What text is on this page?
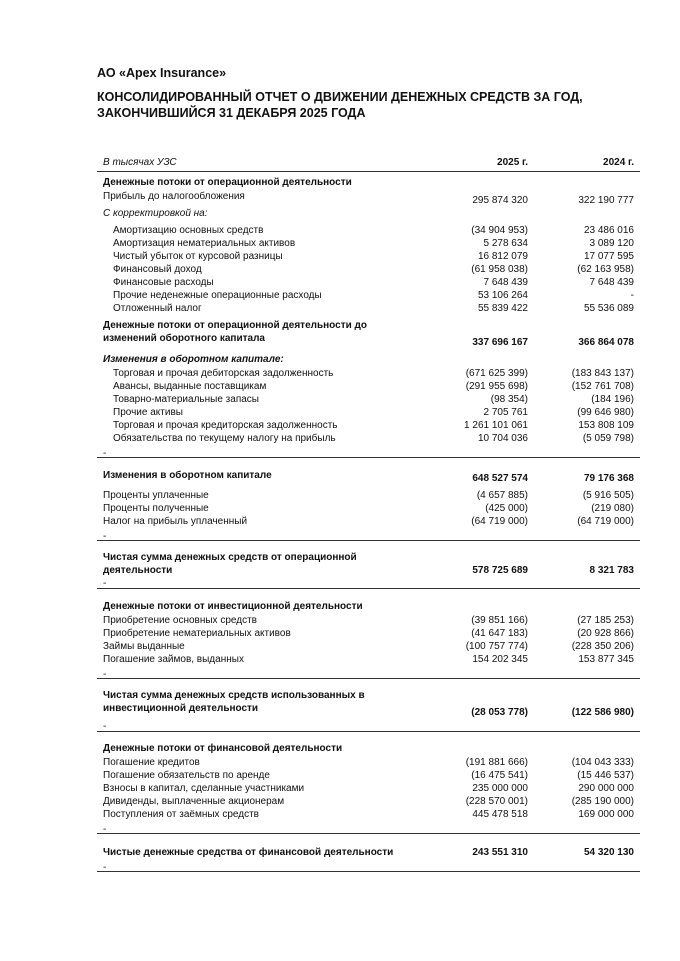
АО «Apex Insurance»
КОНСОЛИДИРОВАННЫЙ ОТЧЕТ О ДВИЖЕНИИ ДЕНЕЖНЫХ СРЕДСТВ ЗА ГОД,
ЗАКОНЧИВШИЙСЯ 31 ДЕКАБРЯ 2025 ГОДА
В тысячах УЗС	2025 г.	2024 г.
Денежные потоки от операционной деятельности
Прибыль до налогообложения	295 874 320	322 190 777
С корректировкой на:
Амортизацию основных средств	(34 904 953)	23 486 016
Амортизация нематериальных активов	5 278 634	3 089 120
Чистый убыток от курсовой разницы	16 812 079	17 077 595
Финансовый доход	(61 958 038)	(62 163 958)
Финансовые расходы	7 648 439	7 648 439
Прочие неденежные операционные расходы	53 106 264	-
Отложенный налог	55 839 422	55 536 089
Денежные потоки от операционной деятельности до
изменений оборотного капитала	337 696 167	366 864 078
Изменения в оборотном капитале:
Торговая и прочая дебиторская задолженность	(671 625 399)	(183 843 137)
Авансы, выданные поставщикам	(291 955 698)	(152 761 708)
Товарно-материальные запасы	(98 354)	(184 196)
Прочие активы	2 705 761	(99 646 980)
Торговая и прочая кредиторская задолженность	1 261 101 061	153 808 109
Обязательства по текущему налогу на прибыль	10 704 036	(5 059 798)
-
Изменения в оборотном капитале	648 527 574	79 176 368
Проценты уплаченные	(4 657 885)	(5 916 505)
Проценты полученные	(425 000)	(219 080)
Налог на прибыль уплаченный	(64 719 000)	(64 719 000)
-
Чистая сумма денежных средств от операционной
деятельности	578 725 689	8 321 783
-
Денежные потоки от инвестиционной деятельности
Приобретение основных средств	(39 851 166)	(27 185 253)
Приобретение нематериальных активов	(41 647 183)	(20 928 866)
Займы выданные	(100 757 774)	(228 350 206)
Погашение займов, выданных	154 202 345	153 877 345
-
Чистая сумма денежных средств использованных в
инвестиционной деятельности	(28 053 778)	(122 586 980)
-
Денежные потоки от финансовой деятельности
Погашение кредитов	(191 881 666)	(104 043 333)
Погашение обязательств по аренде	(16 475 541)	(15 446 537)
Взносы в капитал, сделанные участниками	235 000 000	290 000 000
Дивиденды, выплаченные акционерам	(228 570 001)	(285 190 000)
Поступления от заёмных средств	445 478 518	169 000 000
-
Чистые денежные средства от финансовой деятельности	243 551 310	54 320 130
-
